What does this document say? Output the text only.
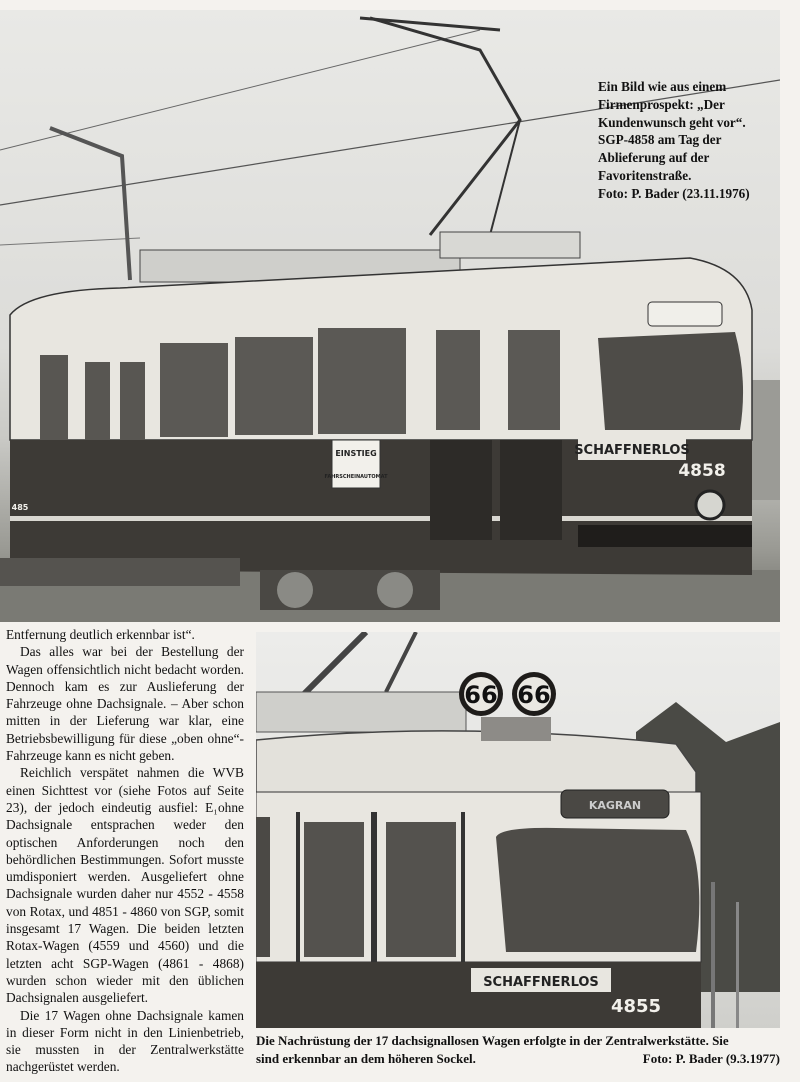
SCHAFFNERLOS
4858
EINSTIEG
FAHRSCHEINAUTOMAT
485
Ein Bild wie aus einem
Firmenprospekt: „Der
Kundenwunsch geht vor“.
SGP-4858 am Tag der
Ablieferung auf der
Favoritenstraße.
Foto: P. Bader (23.11.1976)

Entfernung deutlich erkennbar ist“.

Das alles war bei der Bestellung der Wagen offensichtlich nicht bedacht worden. Dennoch kam es zur Auslieferung der Fahrzeuge ohne Dachsignale. – Aber schon mitten in der Lieferung war klar, eine Betriebsbewilligung für diese „oben ohne“-Fahrzeuge kann es nicht geben.

Reichlich verspätet nahmen die WVB einen Sichttest vor (siehe Fotos auf Seite 23), der jedoch eindeutig ausfiel: E₁ohne Dachsignale entsprachen weder den optischen Anforderungen noch den behördlichen Bestimmungen. Sofort musste umdisponiert werden. Ausgeliefert ohne Dachsignale wurden daher nur 4552 - 4558 von Rotax, und 4851 - 4860 von SGP, somit insgesamt 17 Wagen. Die beiden letzten Rotax-Wagen (4559 und 4560) und die letzten acht SGP-Wagen (4861 - 4868) wurden schon wieder mit den üblichen Dachsignalen ausgeliefert.

Die 17 Wagen ohne Dachsignale kamen in dieser Form nicht in den Linienbetrieb, sie mussten in der Zentralwerkstätte nachgerüstet werden.

66 66
KAGRAN
SCHAFFNERLOS
4855
Die Nachrüstung der 17 dachsignallosen Wagen erfolgte in der Zentralwerkstätte. Sie
sind erkennbar an dem höheren Sockel.	Foto: P. Bader (9.3.1977)
